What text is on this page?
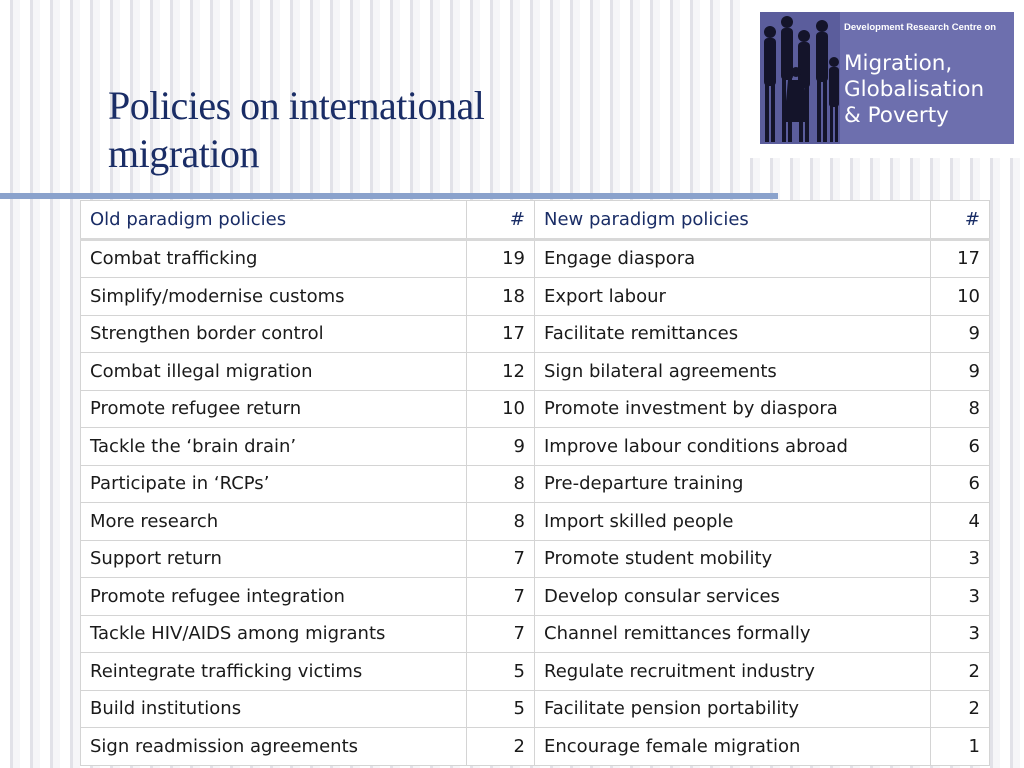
Policies on international
migration
Development Research Centre on
Migration,
Globalisation
& Poverty
Old paradigm policies	#	New paradigm policies	#
Combat trafficking	19	Engage diaspora	17
Simplify/modernise customs	18	Export labour	10
Strengthen border control	17	Facilitate remittances	9
Combat illegal migration	12	Sign bilateral agreements	9
Promote refugee return	10	Promote investment by diaspora	8
Tackle the ‘brain drain’	9	Improve labour conditions abroad	6
Participate in ‘RCPs’	8	Pre-departure training	6
More research	8	Import skilled people	4
Support return	7	Promote student mobility	3
Promote refugee integration	7	Develop consular services	3
Tackle HIV/AIDS among migrants	7	Channel remittances formally	3
Reintegrate trafficking victims	5	Regulate recruitment industry	2
Build institutions	5	Facilitate pension portability	2
Sign readmission agreements	2	Encourage female migration	1
